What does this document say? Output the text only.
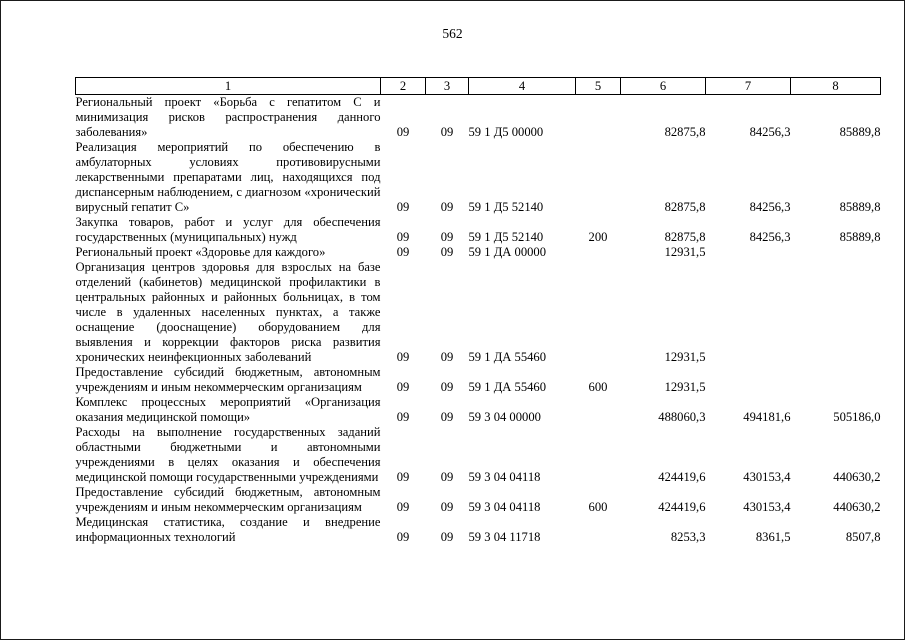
562
1	2	3	4	5	6	7	8
Региональный проект «Борьба с гепатитом С и минимизация рисков распространения данного заболевания»	09	09	59 1 Д5 00000		82875,8	84256,3	85889,8
Реализация мероприятий по обеспечению в амбулаторных условиях противовирусными лекарственными препаратами лиц, находящихся под диспансерным наблюдением, с диагнозом «хронический вирусный гепатит С»	09	09	59 1 Д5 52140		82875,8	84256,3	85889,8
Закупка товаров, работ и услуг для обеспечения государственных (муниципальных) нужд	09	09	59 1 Д5 52140	200	82875,8	84256,3	85889,8
Региональный проект «Здоровье для каждого»	09	09	59 1 ДА 00000		12931,5		
Организация центров здоровья для взрослых на базе отделений (кабинетов) медицинской профилактики в центральных районных и районных больницах, в том числе в удаленных населенных пунктах, а также оснащение (дооснащение) оборудованием для выявления и коррекции факторов риска развития хронических неинфекционных заболеваний	09	09	59 1 ДА 55460		12931,5		
Предоставление субсидий бюджетным, автономным учреждениям и иным некоммерческим организациям	09	09	59 1 ДА 55460	600	12931,5		
Комплекс процессных мероприятий «Организация оказания медицинской помощи»	09	09	59 3 04 00000		488060,3	494181,6	505186,0
Расходы на выполнение государственных заданий областными бюджетными и автономными учреждениями в целях оказания и обеспечения медицинской помощи государственными учреждениями	09	09	59 3 04 04118		424419,6	430153,4	440630,2
Предоставление субсидий бюджетным, автономным учреждениям и иным некоммерческим организациям	09	09	59 3 04 04118	600	424419,6	430153,4	440630,2
Медицинская статистика, создание и внедрение информационных технологий	09	09	59 3 04 11718		8253,3	8361,5	8507,8
